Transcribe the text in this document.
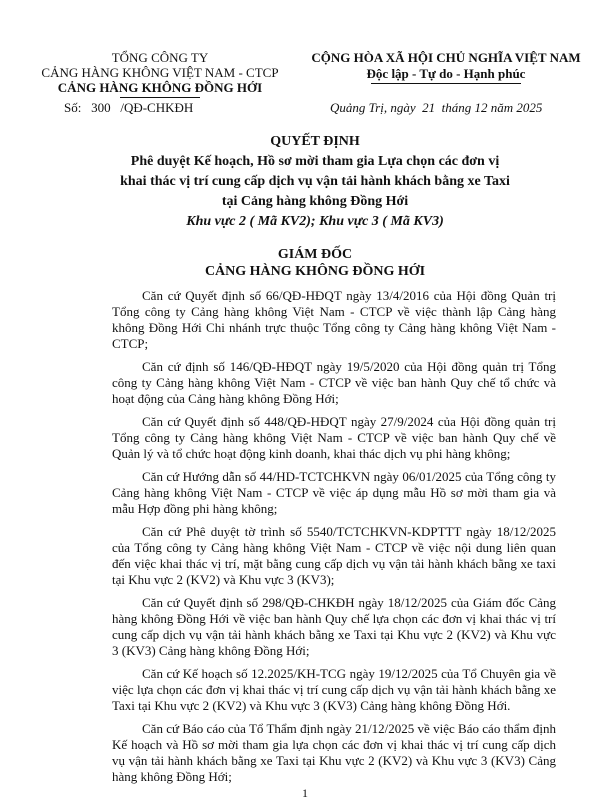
TỔNG CÔNG TY
CẢNG HÀNG KHÔNG VIỆT NAM - CTCP
CẢNG HÀNG KHÔNG ĐỒNG HỚI
Số: 300 /QĐ-CHKĐH
CỘNG HÒA XÃ HỘI CHỦ NGHĨA VIỆT NAM
Độc lập - Tự do - Hạnh phúc
Quảng Trị, ngày 21 tháng 12 năm 2025
QUYẾT ĐỊNH
Phê duyệt Kế hoạch, Hồ sơ mời tham gia Lựa chọn các đơn vị
khai thác vị trí cung cấp dịch vụ vận tải hành khách bằng xe Taxi
tại Cảng hàng không Đồng Hới
Khu vực 2 ( Mã KV2); Khu vực 3 ( Mã KV3)
GIÁM ĐỐC
CẢNG HÀNG KHÔNG ĐỒNG HỚI

Căn cứ Quyết định số 66/QĐ-HĐQT ngày 13/4/2016 của Hội đồng Quản trị Tổng công ty Cảng hàng không Việt Nam - CTCP về việc thành lập Cảng hàng không Đồng Hới Chi nhánh trực thuộc Tổng công ty Cảng hàng không Việt Nam - CTCP;

Căn cứ định số 146/QĐ-HĐQT ngày 19/5/2020 của Hội đồng quản trị Tổng công ty Cảng hàng không Việt Nam - CTCP về việc ban hành Quy chế tổ chức và hoạt động của Cảng hàng không Đồng Hới;

Căn cứ Quyết định số 448/QĐ-HĐQT ngày 27/9/2024 của Hội đồng quản trị Tổng công ty Cảng hàng không Việt Nam - CTCP về việc ban hành Quy chế về Quản lý và tổ chức hoạt động kinh doanh, khai thác dịch vụ phi hàng không;

Căn cứ Hướng dẫn số 44/HD-TCTCHKVN ngày 06/01/2025 của Tổng công ty Cảng hàng không Việt Nam - CTCP về việc áp dụng mẫu Hồ sơ mời tham gia và mẫu Hợp đồng phi hàng không;

Căn cứ Phê duyệt tờ trình số 5540/TCTCHKVN-KDPTTT ngày 18/12/2025 của Tổng công ty Cảng hàng không Việt Nam - CTCP về việc nội dung liên quan đến việc khai thác vị trí, mặt bằng cung cấp dịch vụ vận tải hành khách bằng xe taxi tại Khu vực 2 (KV2) và Khu vực 3 (KV3);

Căn cứ Quyết định số 298/QĐ-CHKĐH ngày 18/12/2025 của Giám đốc Cảng hàng không Đồng Hới về việc ban hành Quy chế lựa chọn các đơn vị khai thác vị trí cung cấp dịch vụ vận tải hành khách bằng xe Taxi tại Khu vực 2 (KV2) và Khu vực 3 (KV3) Cảng hàng không Đồng Hới;

Căn cứ Kế hoạch số 12.2025/KH-TCG ngày 19/12/2025 của Tổ Chuyên gia về việc lựa chọn các đơn vị khai thác vị trí cung cấp dịch vụ vận tải hành khách bằng xe Taxi tại Khu vực 2 (KV2) và Khu vực 3 (KV3) Cảng hàng không Đồng Hới.

Căn cứ Báo cáo của Tổ Thẩm định ngày 21/12/2025 về việc Báo cáo thẩm định Kế hoạch và Hồ sơ mời tham gia lựa chọn các đơn vị khai thác vị trí cung cấp dịch vụ vận tải hành khách bằng xe Taxi tại Khu vực 2 (KV2) và Khu vực 3 (KV3) Cảng hàng không Đồng Hới;

1
